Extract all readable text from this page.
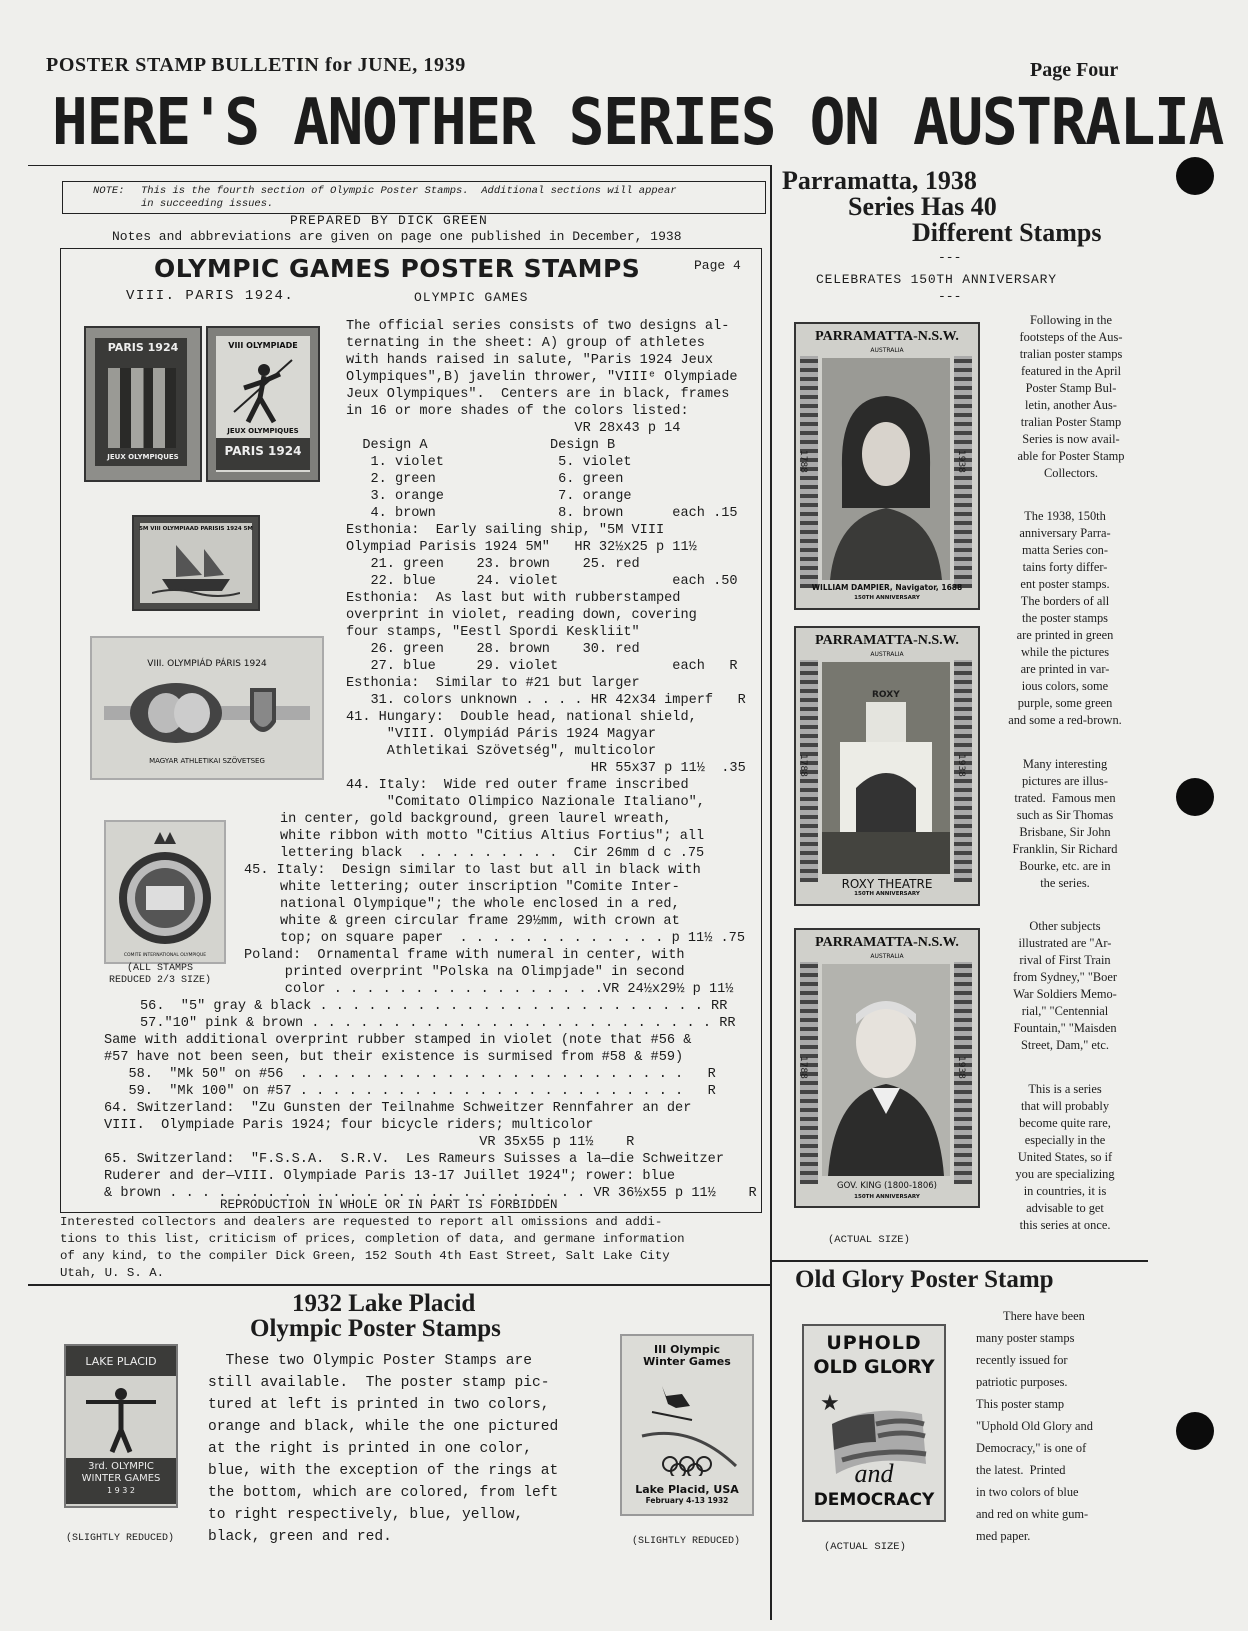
POSTER STAMP BULLETIN for JUNE, 1939	Page Four
HERE'S ANOTHER SERIES ON AUSTRALIA
NOTE: This is the fourth section of Olympic Poster Stamps.  Additional sections will appear
in succeeding issues.
PREPARED BY DICK GREEN
Notes and abbreviations are given on page one published in December, 1938
OLYMPIC GAMES POSTER STAMPS	Page 4
VIII. PARIS 1924.	OLYMPIC GAMES
PARIS 1924
JEUX OLYMPIQUES
VIII OLYMPIADE
JEUX OLYMPIQUES
PARIS 1924
5M VIII OLYMPIAAD PARISIS 1924 5M
VIII. OLYMPIÁD PÁRIS 1924
MAGYAR ATHLETIKAI SZÖVETSEG
COMITE INTERNATIONAL OLYMPIQUE
(ALL STAMPS
REDUCED 2/3 SIZE)
The official series consists of two designs al-
ternating in the sheet: A) group of athletes
with hands raised in salute, "Paris 1924 Jeux
Olympiques",B) javelin thrower, "VIIIᵉ Olympiade
Jeux Olympiques".  Centers are in black, frames
in 16 or more shades of the colors listed:
VR 28x43 p 14
Design A               Design B
1. violet              5. violet
2. green               6. green
3. orange              7. orange
4. brown               8. brown      each .15
Esthonia:  Early sailing ship, "5M VIII
Olympiad Parisis 1924 5M"   HR 32½x25 p 11½
21. green    23. brown    25. red
22. blue     24. violet              each .50
Esthonia:  As last but with rubberstamped
overprint in violet, reading down, covering
four stamps, "Eestl Spordi Keskliit"
26. green    28. brown    30. red
27. blue     29. violet              each   R
Esthonia:  Similar to #21 but larger
31. colors unknown . . . . HR 42x34 imperf   R
41. Hungary:  Double head, national shield,
"VIII. Olympiád Páris 1924 Magyar
Athletikai Szövetség", multicolor
HR 55x37 p 11½  .35
44. Italy:  Wide red outer frame inscribed
"Comitato Olimpico Nazionale Italiano",
in center, gold background, green laurel wreath,
white ribbon with motto "Citius Altius Fortius"; all
lettering black  . . . . . . . . .  Cir 26mm d c .75
45. Italy:  Design similar to last but all in black with
white lettering; outer inscription "Comite Inter-
national Olympique"; the whole enclosed in a red,
white & green circular frame 29½mm, with crown at
top; on square paper  . . . . . . . . . . . . . p 11½ .75
Poland:  Ornamental frame with numeral in center, with
printed overprint "Polska na Olimpjade" in second
color . . . . . . . . . . . . . . . . .VR 24½x29½ p 11½
56.  "5" gray & black . . . . . . . . . . . . . . . . . . . . . . . . RR
57."10" pink & brown . . . . . . . . . . . . . . . . . . . . . . . . . RR
Same with additional overprint rubber stamped in violet (note that #56 &
#57 have not been seen, but their existence is surmised from #58 & #59)
58.  "Mk 50" on #56  . . . . . . . . . . . . . . . . . . . . . . . .   R
59.  "Mk 100" on #57 . . . . . . . . . . . . . . . . . . . . . . . .   R
64. Switzerland:  "Zu Gunsten der Teilnahme Schweitzer Rennfahrer an der
VIII.  Olympiade Paris 1924; four bicycle riders; multicolor
VR 35x55 p 11½    R
65. Switzerland:  "F.S.S.A.  S.R.V.  Les Rameurs Suisses a la—die Schweitzer
Ruderer and der—VIII. Olympiade Paris 13-17 Juillet 1924"; rower: blue
& brown . . . . . . . . . . . . . . . . . . . . . . . . . . VR 36½x55 p 11½    R
REPRODUCTION IN WHOLE OR IN PART IS FORBIDDEN
Interested collectors and dealers are requested to report all omissions and addi-
tions to this list, criticism of prices, completion of data, and germane information
of any kind, to the compiler Dick Green, 152 South 4th East Street, Salt Lake City
Utah, U. S. A.
Parramatta, 1938
Series Has 40
Different Stamps
---
CELEBRATES 150TH ANNIVERSARY
---
PARRAMATTA-N.S.W.
AUSTRALIA
1788	1938
WILLIAM DAMPIER, Navigator, 1688
150TH ANNIVERSARY
PARRAMATTA-N.S.W.
AUSTRALIA
ROXY
1788	1938
ROXY THEATRE
150TH ANNIVERSARY
PARRAMATTA-N.S.W.
AUSTRALIA
1788	1938
GOV. KING (1800-1806)
150TH ANNIVERSARY
(ACTUAL SIZE)
Following in the
footsteps of the Aus-
tralian poster stamps
featured in the April
Poster Stamp Bul-
letin, another Aus-
tralian Poster Stamp
Series is now avail-
able for Poster Stamp
Collectors.
The 1938, 150th
anniversary Parra-
matta Series con-
tains forty differ-
ent poster stamps.
The borders of all
the poster stamps
are printed in green
while the pictures
are printed in var-
ious colors, some
purple, some green
and some a red-brown.
Many interesting
pictures are illus-
trated.  Famous men
such as Sir Thomas
Brisbane, Sir John
Franklin, Sir Richard
Bourke, etc. are in
the series.
Other subjects
illustrated are "Ar-
rival of First Train
from Sydney," "Boer
War Soldiers Memo-
rial," "Centennial
Fountain," "Maisden
Street, Dam," etc.
This is a series
that will probably
become quite rare,
especially in the
United States, so if
you are specializing
in countries, it is
advisable to get
this series at once.
1932 Lake Placid
Olympic Poster Stamps
These two Olympic Poster Stamps are
still available.  The poster stamp pic-
tured at left is printed in two colors,
orange and black, while the one pictured
at the right is printed in one color,
blue, with the exception of the rings at
the bottom, which are colored, from left
to right respectively, blue, yellow,
black, green and red.
LAKE PLACID
3rd. OLYMPIC
WINTER GAMES
1 9 3 2
(SLIGHTLY REDUCED)
III Olympic
Winter Games
Lake Placid, USA
February 4-13 1932
(SLIGHTLY REDUCED)
Old Glory Poster Stamp
UPHOLD
OLD GLORY
★
and
DEMOCRACY
(ACTUAL SIZE)
There have been
many poster stamps
recently issued for
patriotic purposes.
This poster stamp
"Uphold Old Glory and
Democracy," is one of
the latest.  Printed
in two colors of blue
and red on white gum-
med paper.
